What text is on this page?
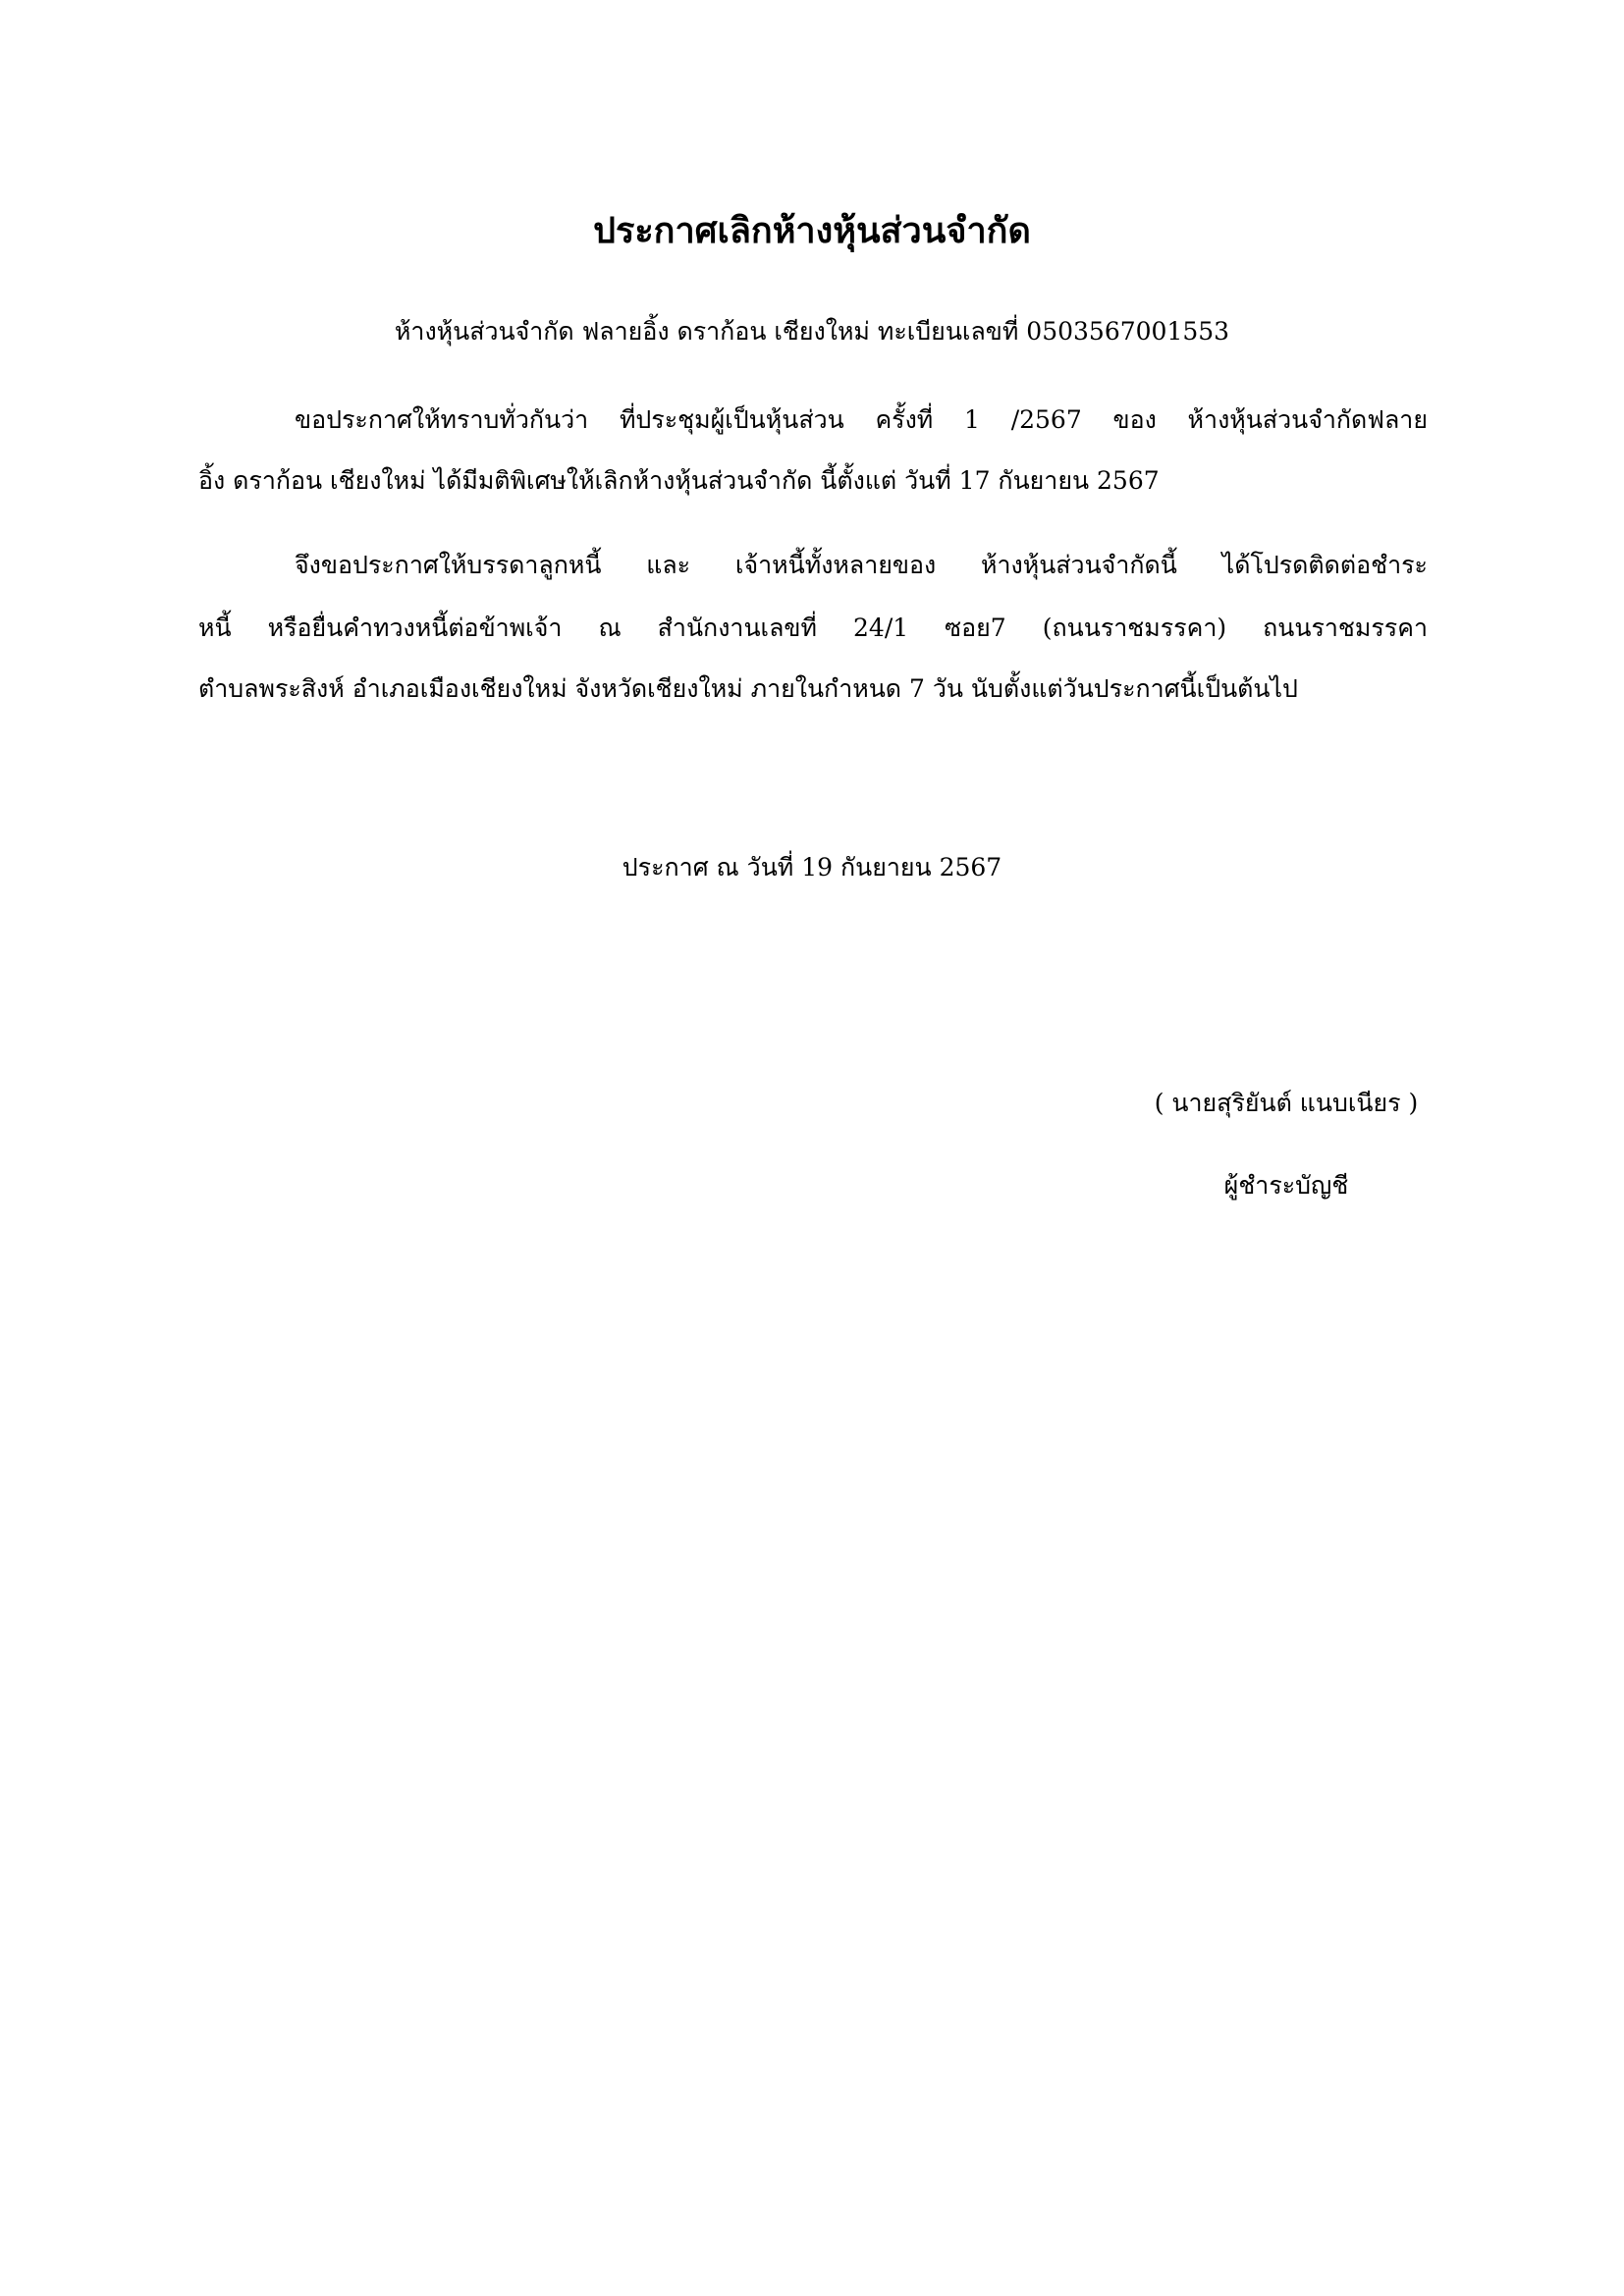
ประกาศเลิกห้างหุ้นส่วนจำกัด
ห้างหุ้นส่วนจำกัด ฟลายอิ้ง ดราก้อน เชียงใหม่ ทะเบียนเลขที่ 0503567001553
ขอประกาศให้ทราบทั่วกันว่า ที่ประชุมผู้เป็นหุ้นส่วน ครั้งที่ 1 /2567 ของ ห้างหุ้นส่วนจำกัดฟลาย
อิ้ง ดราก้อน เชียงใหม่ ได้มีมติพิเศษให้เลิกห้างหุ้นส่วนจำกัด นี้ตั้งแต่ วันที่ 17 กันยายน 2567
จึงขอประกาศให้บรรดาลูกหนี้ และ เจ้าหนี้ทั้งหลายของ ห้างหุ้นส่วนจำกัดนี้ ได้โปรดติดต่อชำระ
หนี้ หรือยื่นคำทวงหนี้ต่อข้าพเจ้า ณ สำนักงานเลขที่ 24/1 ซอย7 (ถนนราชมรรคา) ถนนราชมรรคา
ตำบลพระสิงห์ อำเภอเมืองเชียงใหม่ จังหวัดเชียงใหม่ ภายในกำหนด 7 วัน นับตั้งแต่วันประกาศนี้เป็นต้นไป
ประกาศ ณ วันที่ 19 กันยายน 2567
( นายสุริยันต์ แนบเนียร )
ผู้ชำระบัญชี
